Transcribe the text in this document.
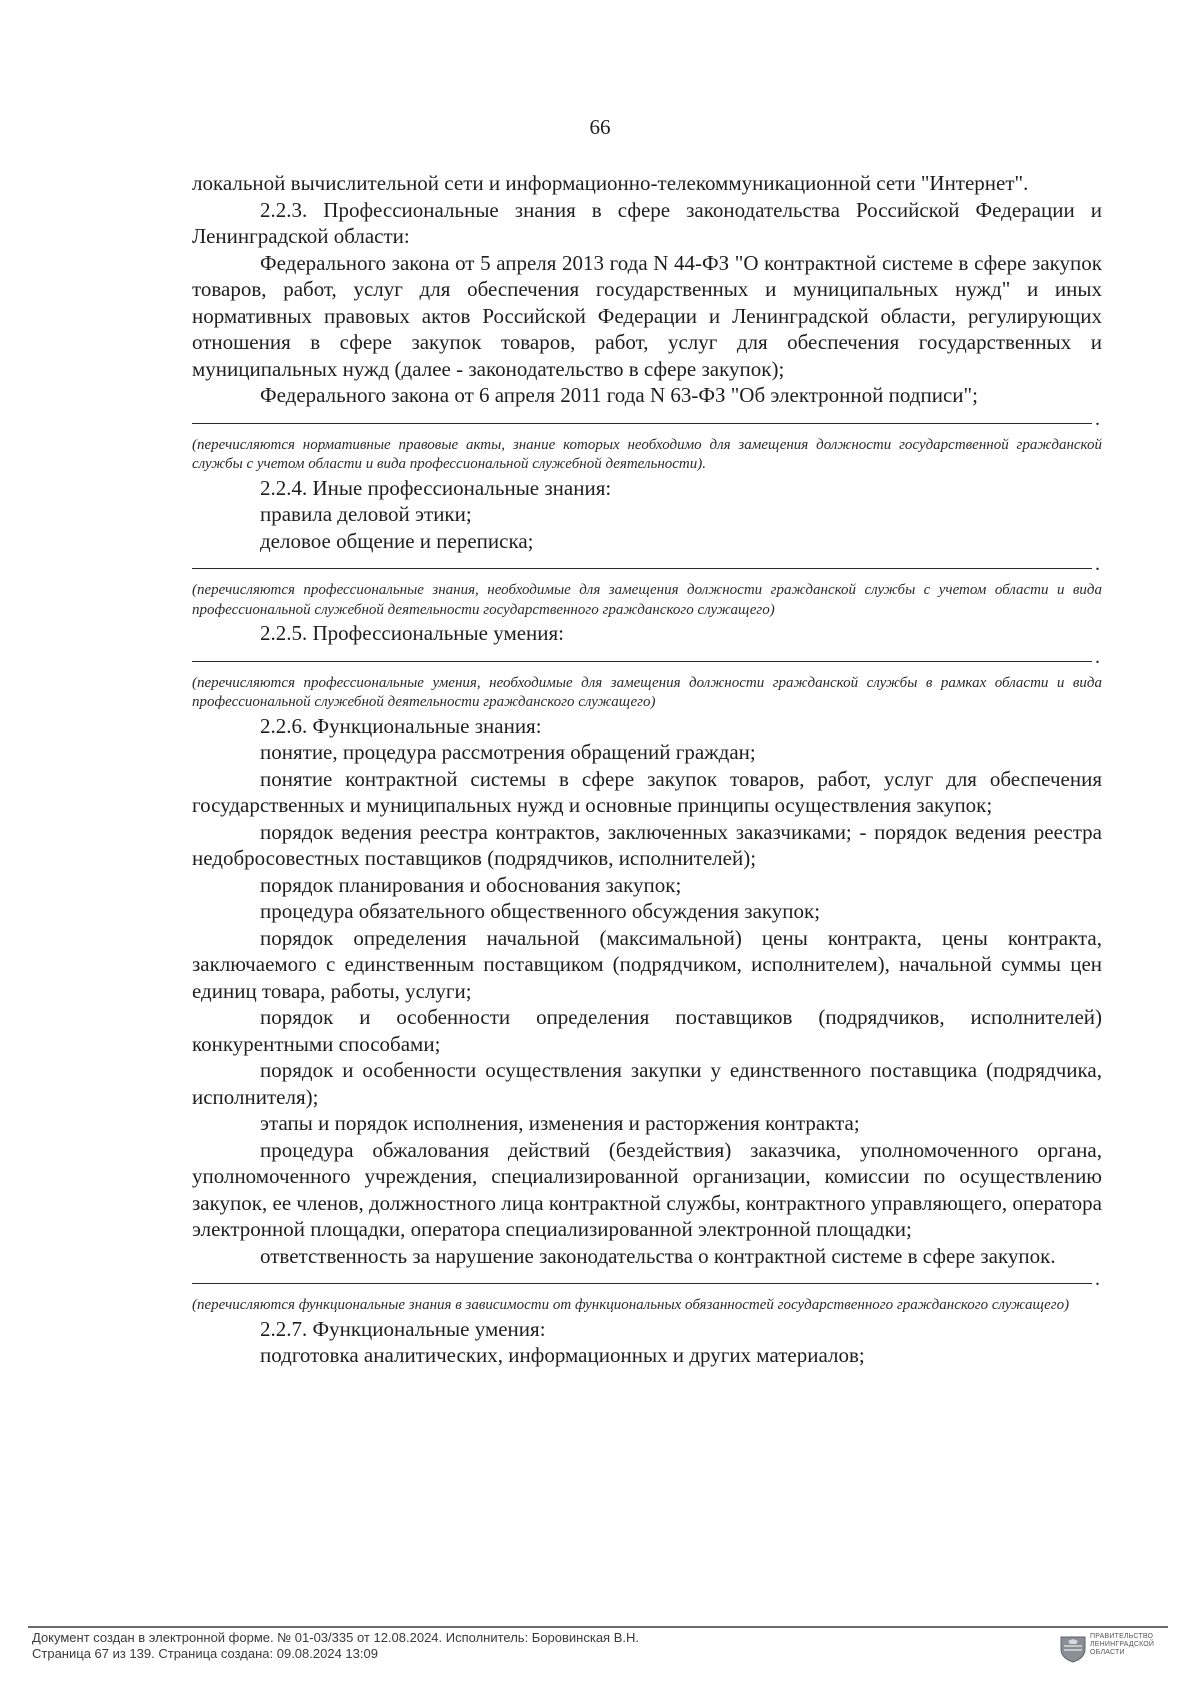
66

локальной вычислительной сети и информационно-телекоммуникационной сети "Интернет".

2.2.3. Профессиональные знания в сфере законодательства Российской Федерации и Ленинградской области:

Федерального закона от 5 апреля 2013 года N 44-ФЗ "О контрактной системе в сфере закупок товаров, работ, услуг для обеспечения государственных и муниципальных нужд" и иных нормативных правовых актов Российской Федерации и Ленинградской области, регулирующих отношения в сфере закупок товаров, работ, услуг для обеспечения государственных и муниципальных нужд (далее - законодательство в сфере закупок);

Федерального закона от 6 апреля 2011 года N 63-ФЗ "Об электронной подписи";

.

(перечисляются нормативные правовые акты, знание которых необходимо для замещения должности государственной гражданской службы с учетом области и вида профессиональной служебной деятельности).

2.2.4. Иные профессиональные знания:

правила деловой этики;

деловое общение и переписка;

.

(перечисляются профессиональные знания, необходимые для замещения должности гражданской службы с учетом области и вида профессиональной служебной деятельности государственного гражданского служащего)

2.2.5. Профессиональные умения:

.

(перечисляются профессиональные умения, необходимые для замещения должности гражданской службы в рамках области и вида профессиональной служебной деятельности гражданского служащего)

2.2.6. Функциональные знания:

понятие, процедура рассмотрения обращений граждан;

понятие контрактной системы в сфере закупок товаров, работ, услуг для обеспечения государственных и муниципальных нужд и основные принципы осуществления закупок;

порядок ведения реестра контрактов, заключенных заказчиками; - порядок ведения реестра недобросовестных поставщиков (подрядчиков, исполнителей);

порядок планирования и обоснования закупок;

процедура обязательного общественного обсуждения закупок;

порядок определения начальной (максимальной) цены контракта, цены контракта, заключаемого с единственным поставщиком (подрядчиком, исполнителем), начальной суммы цен единиц товара, работы, услуги;

порядок и особенности определения поставщиков (подрядчиков, исполнителей) конкурентными способами;

порядок и особенности осуществления закупки у единственного поставщика (подрядчика, исполнителя);

этапы и порядок исполнения, изменения и расторжения контракта;

процедура обжалования действий (бездействия) заказчика, уполномоченного органа, уполномоченного учреждения, специализированной организации, комиссии по осуществлению закупок, ее членов, должностного лица контрактной службы, контрактного управляющего, оператора электронной площадки, оператора специализированной электронной площадки;

ответственность за нарушение законодательства о контрактной системе в сфере закупок.

.

(перечисляются функциональные знания в зависимости от функциональных обязанностей государственного гражданского служащего)

2.2.7. Функциональные умения:

подготовка аналитических, информационных и других материалов;

Документ создан в электронной форме. № 01-03/335 от 12.08.2024. Исполнитель: Боровинская В.Н.
Страница 67 из 139. Страница создана: 09.08.2024 13:09
ПРАВИТЕЛЬСТВО
ЛЕНИНГРАДСКОЙ
ОБЛАСТИ
